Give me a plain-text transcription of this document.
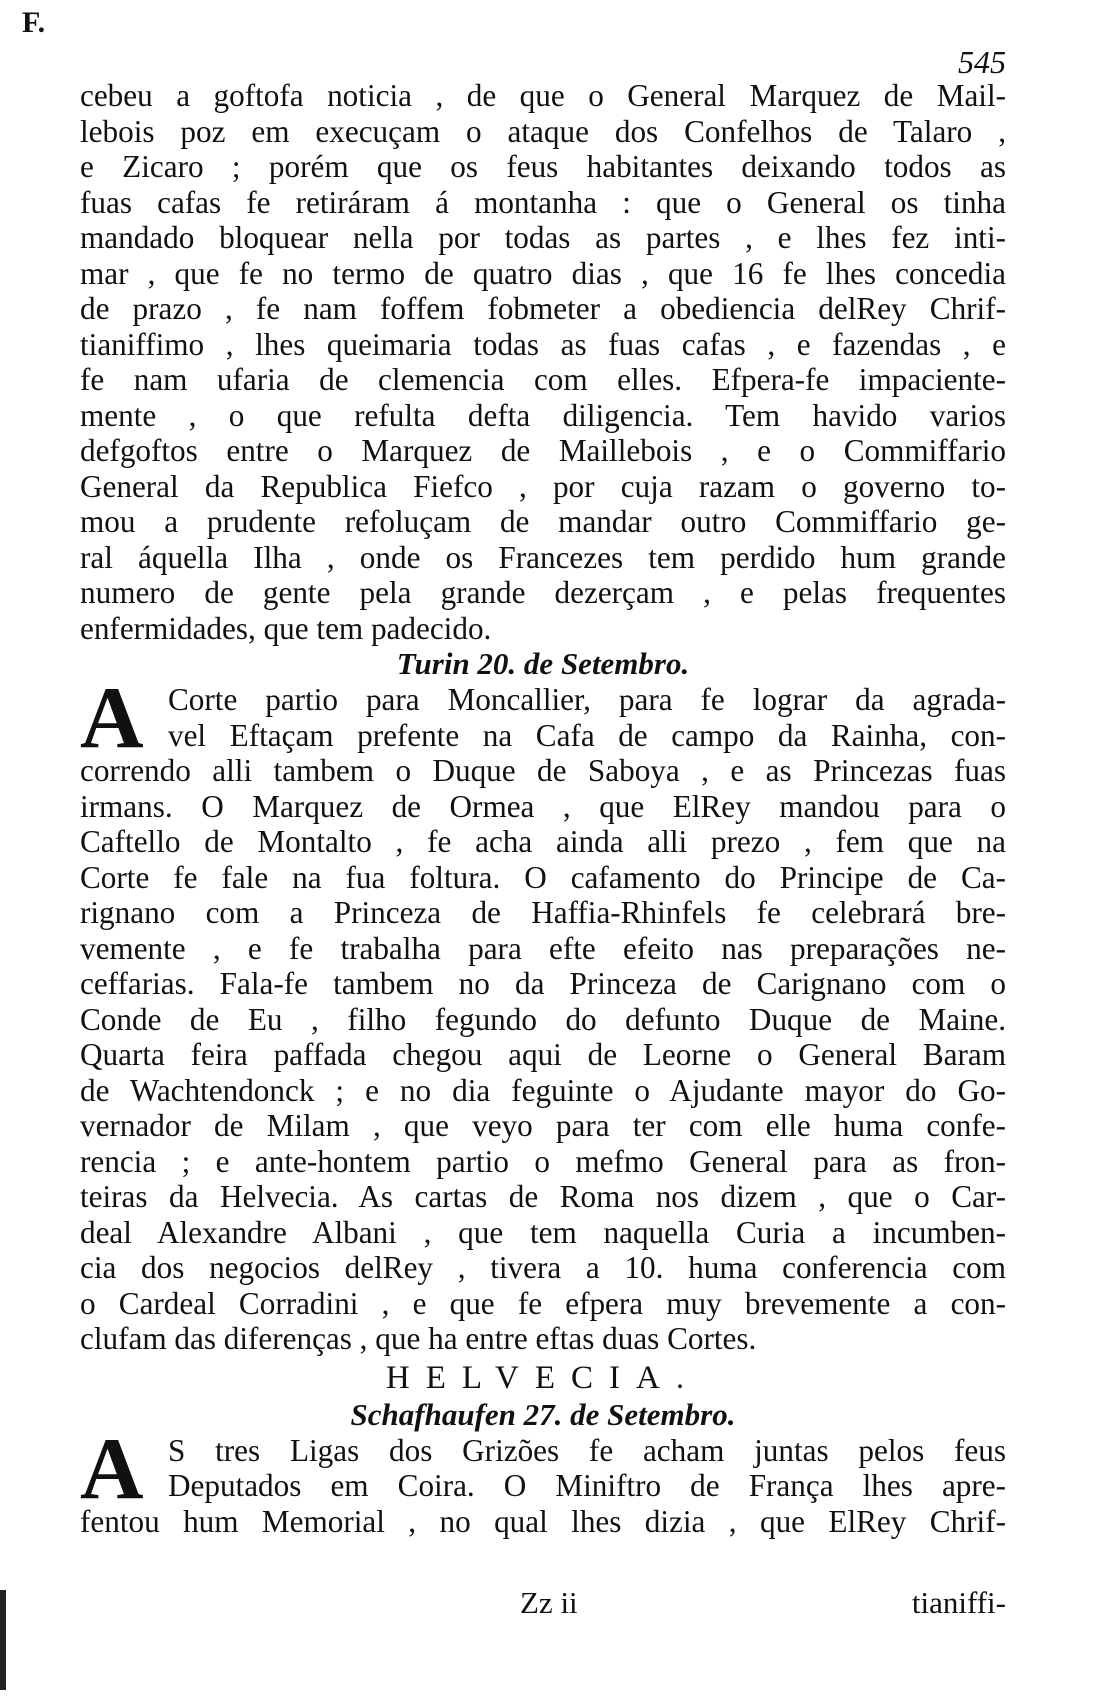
F.
545
cebeu a goftofa noticia , de que o General Marquez de Mail-
lebois poz em execuçam o ataque dos Confelhos de Talaro ,
e Zicaro ; porém que os feus habitantes deixando todos as
fuas cafas fe retiráram á montanha : que o General os tinha
mandado bloquear nella por todas as partes , e lhes fez inti-
mar , que fe no termo de quatro dias , que 16 fe lhes concedia
de prazo , fe nam foffem fobmeter a obediencia delRey Chrif-
tianiffimo , lhes queimaria todas as fuas cafas , e fazendas , e
fe nam ufaria de clemencia com elles. Efpera-fe impaciente-
mente , o que refulta defta diligencia. Tem havido varios
defgoftos entre o Marquez de Maillebois , e o Commiffario
General da Republica Fiefco , por cuja razam o governo to-
mou a prudente refoluçam de mandar outro Commiffario ge-
ral áquella Ilha , onde os Francezes tem perdido hum grande
numero de gente pela grande dezerçam , e pelas frequentes
enfermidades, que tem padecido.
Turin 20. de Setembro.
A Corte partio para Moncallier, para fe lograr da agrada-
vel Eftaçam prefente na Cafa de campo da Rainha, con-
correndo alli tambem o Duque de Saboya , e as Princezas fuas
irmans. O Marquez de Ormea , que ElRey mandou para o
Caftello de Montalto , fe acha ainda alli prezo , fem que na
Corte fe fale na fua foltura. O cafamento do Principe de Ca-
rignano com a Princeza de Haffia-Rhinfels fe celebrará bre-
vemente , e fe trabalha para efte efeito nas preparações ne-
ceffarias. Fala-fe tambem no da Princeza de Carignano com o
Conde de Eu , filho fegundo do defunto Duque de Maine.
Quarta feira paffada chegou aqui de Leorne o General Baram
de Wachtendonck ; e no dia feguinte o Ajudante mayor do Go-
vernador de Milam , que veyo para ter com elle huma confe-
rencia ; e ante-hontem partio o mefmo General para as fron-
teiras da Helvecia. As cartas de Roma nos dizem , que o Car-
deal Alexandre Albani , que tem naquella Curia a incumben-
cia dos negocios delRey , tivera a 10. huma conferencia com
o Cardeal Corradini , e que fe efpera muy brevemente a con-
clufam das diferenças , que ha entre eftas duas Cortes.
HELVECIA.
Schafhaufen 27. de Setembro.
A S tres Ligas dos Grizões fe acham juntas pelos feus
Deputados em Coira. O Miniftro de França lhes apre-
fentou hum Memorial , no qual lhes dizia , que ElRey Chrif-
Zz ii	tianiffi-
